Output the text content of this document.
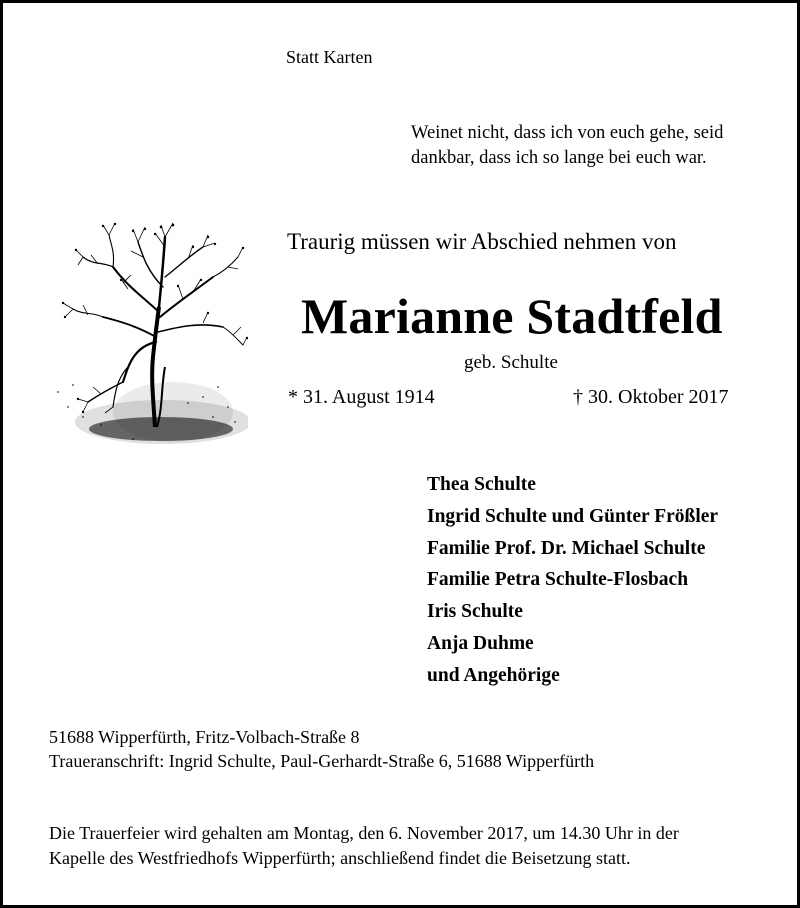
Statt Karten
Weinet nicht, dass ich von euch gehe, seid
dankbar, dass ich so lange bei euch war.
Traurig müssen wir Abschied nehmen von
Marianne Stadtfeld
geb. Schulte
* 31. August 1914	† 30. Oktober 2017
Thea Schulte
Ingrid Schulte und Günter Frößler
Familie Prof. Dr. Michael Schulte
Familie Petra Schulte-Flosbach
Iris Schulte
Anja Duhme
und Angehörige
51688 Wipperfürth, Fritz-Volbach-Straße 8
Traueranschrift: Ingrid Schulte, Paul-Gerhardt-Straße 6, 51688 Wipperfürth
Die Trauerfeier wird gehalten am Montag, den 6. November 2017, um 14.30 Uhr in der
Kapelle des Westfriedhofs Wipperfürth; anschließend findet die Beisetzung statt.
